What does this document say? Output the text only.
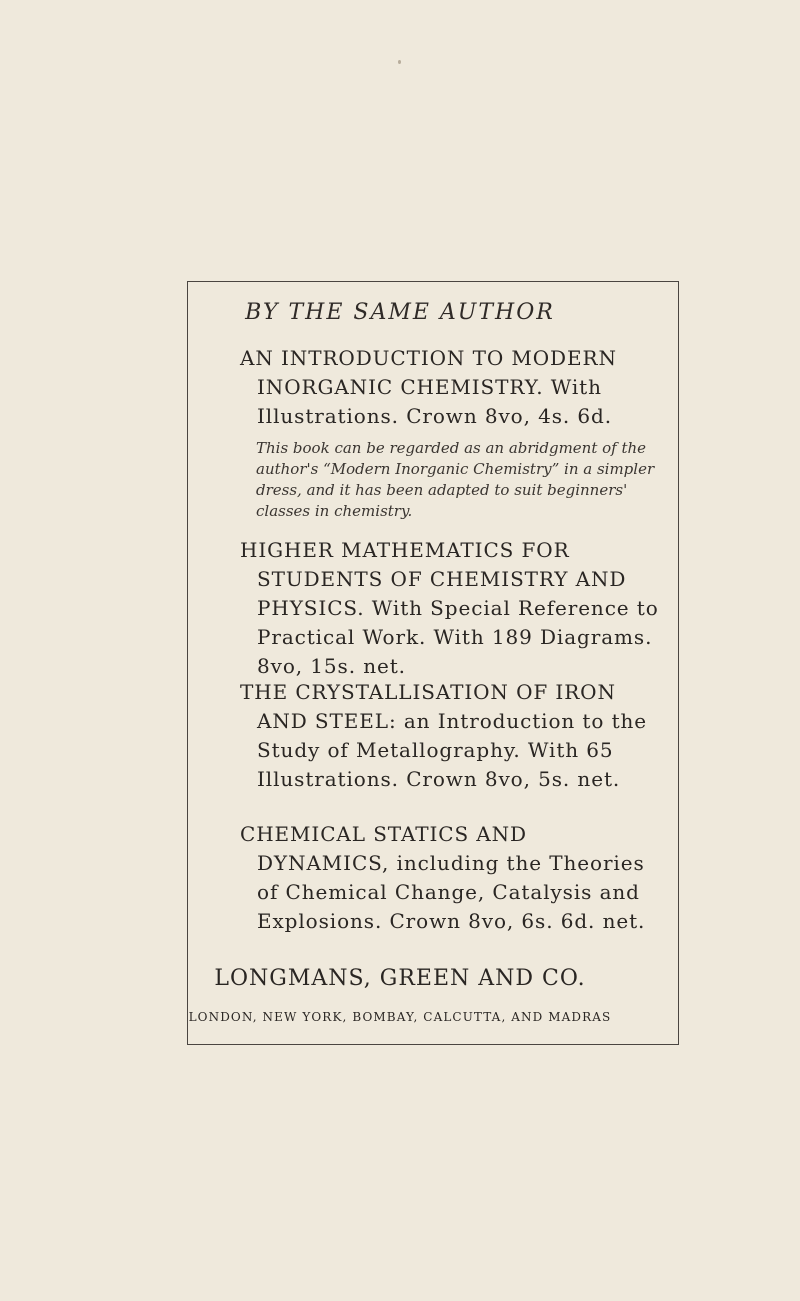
BY THE SAME AUTHOR
AN INTRODUCTION TO MODERN INORGANIC CHEMISTRY. With Illustrations. Crown 8vo, 4s. 6d.
This book can be regarded as an abridgment of the author's “Modern Inorganic Chemistry” in a simpler dress, and it has been adapted to suit beginners' classes in chemistry.
HIGHER MATHEMATICS FOR STUDENTS OF CHEMISTRY AND PHYSICS. With Special Reference to Practical Work. With 189 Diagrams. 8vo, 15s. net.
THE CRYSTALLISATION OF IRON AND STEEL: an Introduction to the Study of Metallography. With 65 Illustrations. Crown 8vo, 5s. net.
CHEMICAL STATICS AND DYNAMICS, including the Theories of Chemical Change, Catalysis and Explosions. Crown 8vo, 6s. 6d. net.
LONGMANS, GREEN AND CO.
LONDON, NEW YORK, BOMBAY, CALCUTTA, AND MADRAS
